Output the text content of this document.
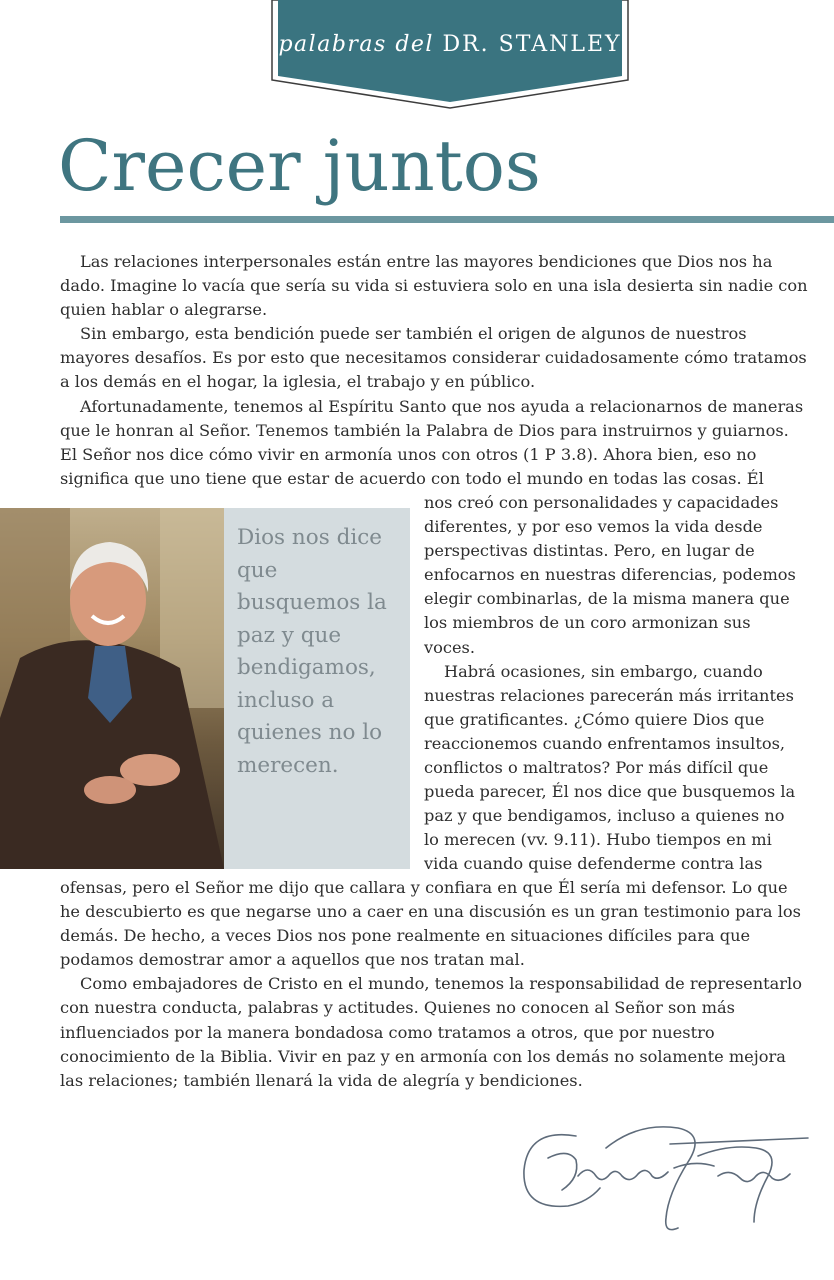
palabras del DR. STANLEY
Crecer juntos

Las relaciones interpersonales están entre las mayores bendiciones que Dios nos ha dado. Imagine lo vacía que sería su vida si estuviera solo en una isla desierta sin nadie con quien hablar o alegrarse.

Sin embargo, esta bendición puede ser también el origen de algunos de nuestros mayores desafíos. Es por esto que necesitamos considerar cuidadosamente cómo tratamos a los demás en el hogar, la iglesia, el trabajo y en público.

Afortunadamente, tenemos al Espíritu Santo que nos ayuda a relacionarnos de maneras que le honran al Señor. Tenemos también la Palabra de Dios para instruirnos y guiarnos. El Señor nos dice cómo vivir en armonía unos con otros (1 P 3.8). Ahora bien, eso no significa que uno tiene que estar de acuerdo con todo el mundo en todas las cosas. Él

Dios nos dice que busquemos la paz y que bendigamos, incluso a quienes no lo merecen.

nos creó con personalidades y capacidades diferentes, y por eso vemos la vida desde perspectivas distintas. Pero, en lugar de enfocarnos en nuestras diferencias, podemos elegir combinarlas, de la misma manera que los miembros de un coro armonizan sus voces.

Habrá ocasiones, sin embargo, cuando nuestras relaciones parecerán más irritantes que gratificantes. ¿Cómo quiere Dios que reaccionemos cuando enfrentamos insultos, conflictos o maltratos? Por más difícil que pueda parecer, Él nos dice que busquemos la paz y que bendigamos, incluso a quienes no lo merecen (vv. 9.11). Hubo tiempos en mi vida cuando quise defenderme contra las

ofensas, pero el Señor me dijo que callara y confiara en que Él sería mi defensor. Lo que he descubierto es que negarse uno a caer en una discusión es un gran testimonio para los demás. De hecho, a veces Dios nos pone realmente en situaciones difíciles para que podamos demostrar amor a aquellos que nos tratan mal.

Como embajadores de Cristo en el mundo, tenemos la responsabilidad de representarlo con nuestra conducta, palabras y actitudes. Quienes no conocen al Señor son más influenciados por la manera bondadosa como tratamos a otros, que por nuestro conocimiento de la Biblia. Vivir en paz y en armonía con los demás no solamente mejora las relaciones; también llenará la vida de alegría y bendiciones.
